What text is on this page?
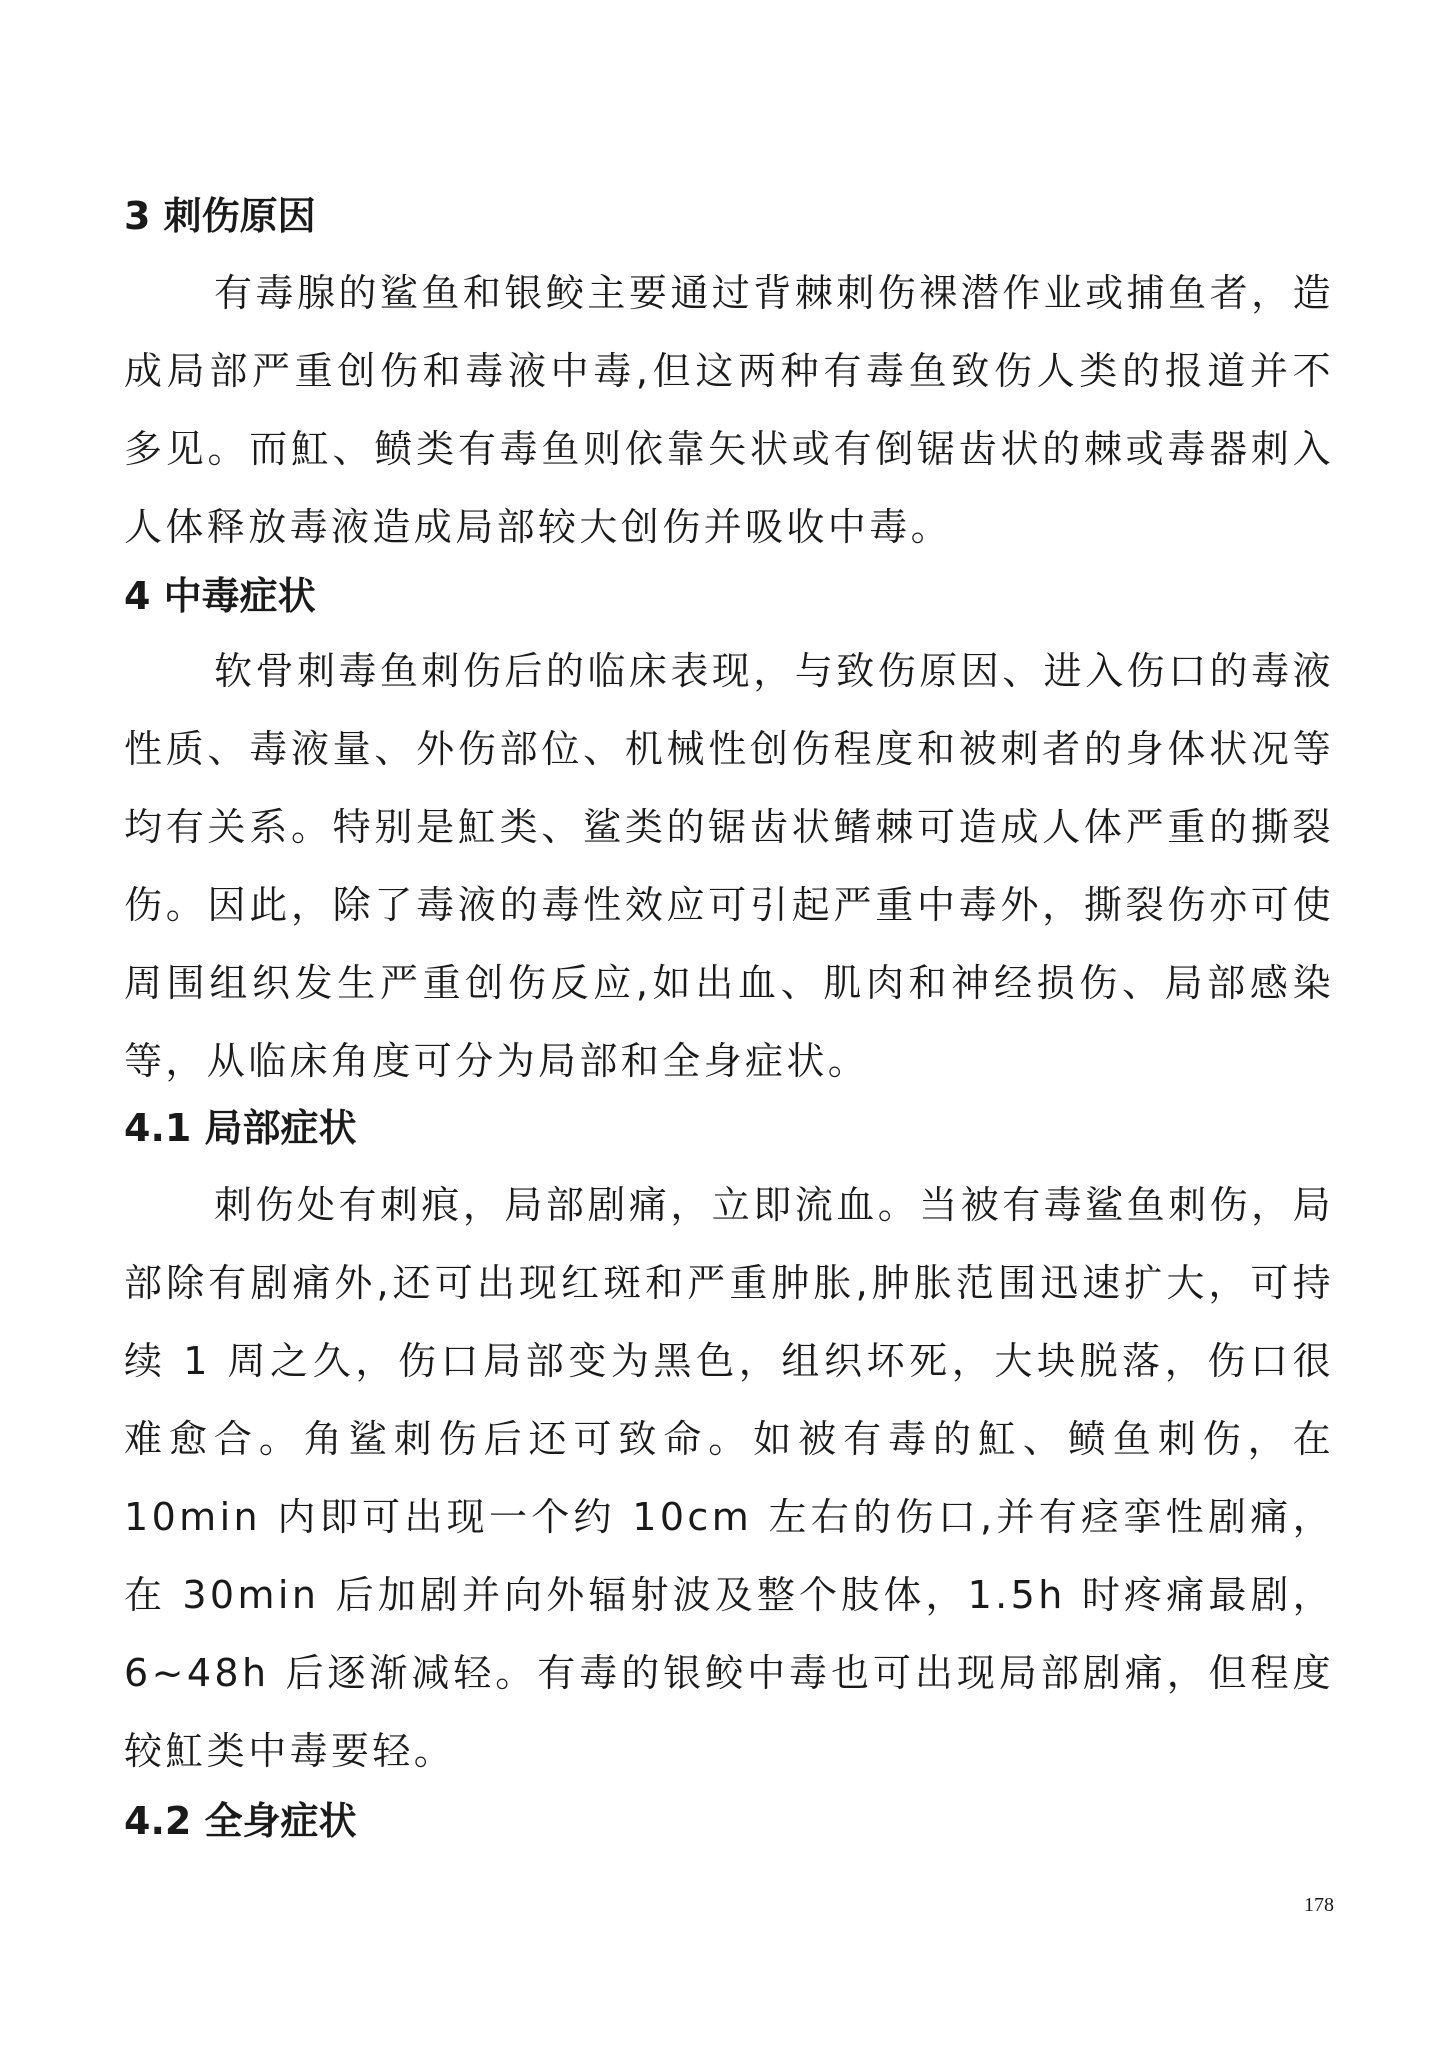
3 刺伤原因

有毒腺的鲨鱼和银鲛主要通过背棘刺伤裸潜作业或捕鱼者，造成局部严重创伤和毒液中毒,但这两种有毒鱼致伤人类的报道并不多见。而魟、鲼类有毒鱼则依靠矢状或有倒锯齿状的棘或毒器刺入人体释放毒液造成局部较大创伤并吸收中毒。

4 中毒症状

软骨刺毒鱼刺伤后的临床表现，与致伤原因、进入伤口的毒液性质、毒液量、外伤部位、机械性创伤程度和被刺者的身体状况等均有关系。特别是魟类、鲨类的锯齿状鳍棘可造成人体严重的撕裂伤。因此，除了毒液的毒性效应可引起严重中毒外，撕裂伤亦可使周围组织发生严重创伤反应,如出血、肌肉和神经损伤、局部感染等，从临床角度可分为局部和全身症状。

4.1 局部症状

刺伤处有刺痕，局部剧痛，立即流血。当被有毒鲨鱼刺伤，局部除有剧痛外,还可出现红斑和严重肿胀,肿胀范围迅速扩大，可持续 1 周之久，伤口局部变为黑色，组织坏死，大块脱落，伤口很难愈合。角鲨刺伤后还可致命。如被有毒的魟、鲼鱼刺伤，在 10min 内即可出现一个约 10cm 左右的伤口,并有痉挛性剧痛，在 30min 后加剧并向外辐射波及整个肢体，1.5h 时疼痛最剧，6~48h 后逐渐减轻。有毒的银鲛中毒也可出现局部剧痛，但程度较魟类中毒要轻。

4.2 全身症状
178
